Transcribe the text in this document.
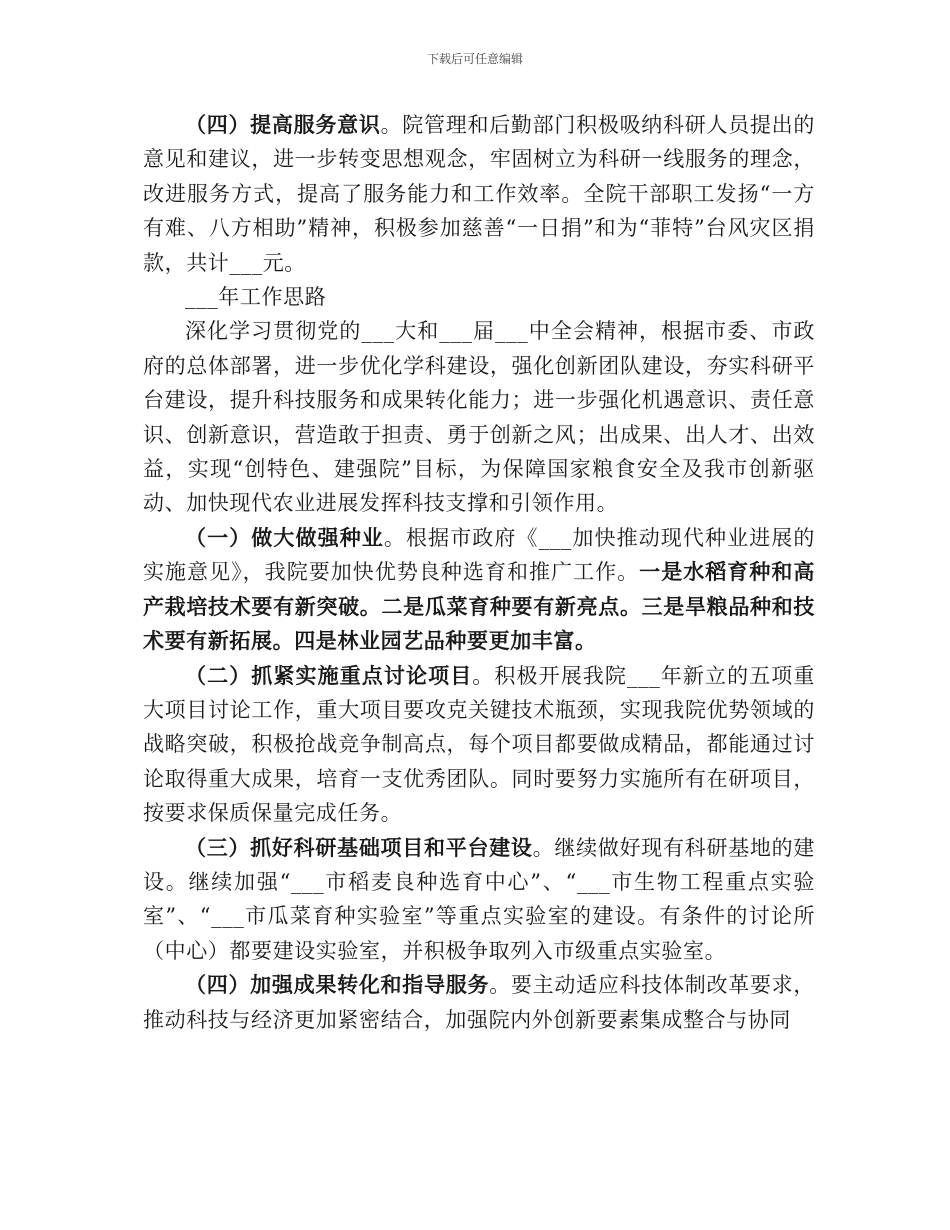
下载后可任意编辑

（四）提高服务意识。院管理和后勤部门积极吸纳科研人员提出的意见和建议，进一步转变思想观念，牢固树立为科研一线服务的理念，改进服务方式，提高了服务能力和工作效率。全院干部职工发扬“一方有难、八方相助”精神，积极参加慈善“一日捐”和为“菲特”台风灾区捐款，共计___元。

___年工作思路

深化学习贯彻党的___大和___届___中全会精神，根据市委、市政府的总体部署，进一步优化学科建设，强化创新团队建设，夯实科研平台建设，提升科技服务和成果转化能力；进一步强化机遇意识、责任意识、创新意识，营造敢于担责、勇于创新之风；出成果、出人才、出效益，实现“创特色、建强院”目标，为保障国家粮食安全及我市创新驱动、加快现代农业进展发挥科技支撑和引领作用。

（一）做大做强种业。根据市政府《___加快推动现代种业进展的实施意见》，我院要加快优势良种选育和推广工作。一是水稻育种和高产栽培技术要有新突破。二是瓜菜育种要有新亮点。三是旱粮品种和技术要有新拓展。四是林业园艺品种要更加丰富。

（二）抓紧实施重点讨论项目。积极开展我院___年新立的五项重大项目讨论工作，重大项目要攻克关键技术瓶颈，实现我院优势领域的战略突破，积极抢战竞争制高点，每个项目都要做成精品，都能通过讨论取得重大成果，培育一支优秀团队。同时要努力实施所有在研项目，按要求保质保量完成任务。

（三）抓好科研基础项目和平台建设。继续做好现有科研基地的建设。继续加强“___市稻麦良种选育中心”、“___市生物工程重点实验室”、“___市瓜菜育种实验室”等重点实验室的建设。有条件的讨论所（中心）都要建设实验室，并积极争取列入市级重点实验室。

（四）加强成果转化和指导服务。要主动适应科技体制改革要求，推动科技与经济更加紧密结合，加强院内外创新要素集成整合与协同
